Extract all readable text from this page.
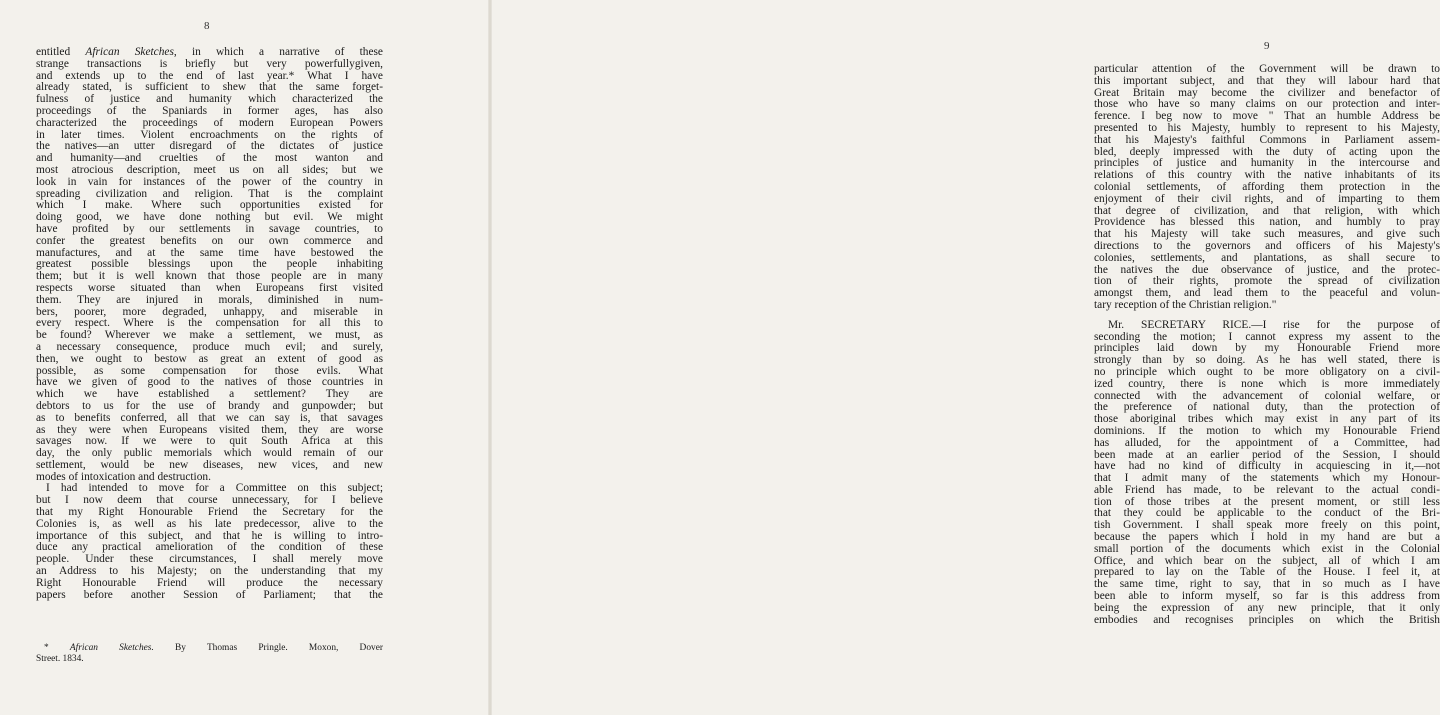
8
entitled African Sketches, in which a narrative of these
strange transactions is briefly but very powerfullygiven,
and extends up to the end of last year.* What I have
already stated, is sufficient to shew that the same forget-
fulness of justice and humanity which characterized the
proceedings of the Spaniards in former ages, has also
characterized the proceedings of modern European Powers
in later times. Violent encroachments on the rights of
the natives—an utter disregard of the dictates of justice
and humanity—and cruelties of the most wanton and
most atrocious description, meet us on all sides; but we
look in vain for instances of the power of the country in
spreading civilization and religion. That is the complaint
which I make. Where such opportunities existed for
doing good, we have done nothing but evil. We might
have profited by our settlements in savage countries, to
confer the greatest benefits on our own commerce and
manufactures, and at the same time have bestowed the
greatest possible blessings upon the people inhabiting
them; but it is well known that those people are in many
respects worse situated than when Europeans first visited
them. They are injured in morals, diminished in num-
bers, poorer, more degraded, unhappy, and miserable in
every respect. Where is the compensation for all this to
be found? Wherever we make a settlement, we must, as
a necessary consequence, produce much evil; and surely,
then, we ought to bestow as great an extent of good as
possible, as some compensation for those evils. What
have we given of good to the natives of those countries in
which we have established a settlement? They are
debtors to us for the use of brandy and gunpowder; but
as to benefits conferred, all that we can say is, that savages
as they were when Europeans visited them, they are worse
savages now. If we were to quit South Africa at this
day, the only public memorials which would remain of our
settlement, would be new diseases, new vices, and new
modes of intoxication and destruction.
I had intended to move for a Committee on this subject;
but I now deem that course unnecessary, for I believe
that my Right Honourable Friend the Secretary for the
Colonies is, as well as his late predecessor, alive to the
importance of this subject, and that he is willing to intro-
duce any practical amelioration of the condition of these
people. Under these circumstances, I shall merely move
an Address to his Majesty; on the understanding that my
Right Honourable Friend will produce the necessary
papers before another Session of Parliament; that the
* African Sketches. By Thomas Pringle. Moxon, Dover
Street. 1834.
9
particular attention of the Government will be drawn to
this important subject, and that they will labour hard that
Great Britain may become the civilizer and benefactor of
those who have so many claims on our protection and inter-
ference. I beg now to move " That an humble Address be
presented to his Majesty, humbly to represent to his Majesty,
that his Majesty's faithful Commons in Parliament assem-
bled, deeply impressed with the duty of acting upon the
principles of justice and humanity in the intercourse and
relations of this country with the native inhabitants of its
colonial settlements, of affording them protection in the
enjoyment of their civil rights, and of imparting to them
that degree of civilization, and that religion, with which
Providence has blessed this nation, and humbly to pray
that his Majesty will take such measures, and give such
directions to the governors and officers of his Majesty's
colonies, settlements, and plantations, as shall secure to
the natives the due observance of justice, and the protec-
tion of their rights, promote the spread of civilization
amongst them, and lead them to the peaceful and volun-
tary reception of the Christian religion."
Mr. SECRETARY RICE.—I rise for the purpose of
seconding the motion; I cannot express my assent to the
principles laid down by my Honourable Friend more
strongly than by so doing. As he has well stated, there is
no principle which ought to be more obligatory on a civil-
ized country, there is none which is more immediately
connected with the advancement of colonial welfare, or
the preference of national duty, than the protection of
those aboriginal tribes which may exist in any part of its
dominions. If the motion to which my Honourable Friend
has alluded, for the appointment of a Committee, had
been made at an earlier period of the Session, I should
have had no kind of difficulty in acquiescing in it,—not
that I admit many of the statements which my Honour-
able Friend has made, to be relevant to the actual condi-
tion of those tribes at the present moment, or still less
that they could be applicable to the conduct of the Bri-
tish Government. I shall speak more freely on this point,
because the papers which I hold in my hand are but a
small portion of the documents which exist in the Colonial
Office, and which bear on the subject, all of which I am
prepared to lay on the Table of the House. I feel it, at
the same time, right to say, that in so much as I have
been able to inform myself, so far is this address from
being the expression of any new principle, that it only
embodies and recognises principles on which the British
